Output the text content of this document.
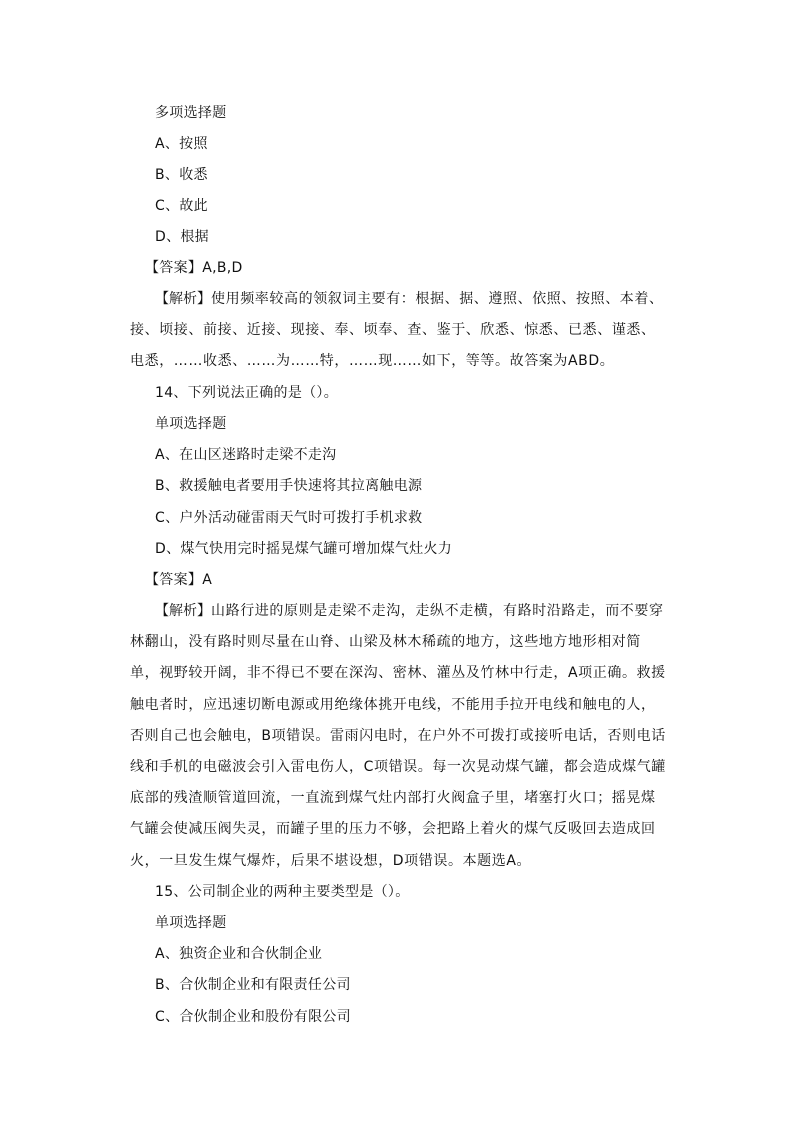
多项选择题
A、按照
B、收悉
C、故此
D、根据
【答案】A,B,D
【解析】使用频率较高的领叙词主要有：根据、据、遵照、依照、按照、本着、接、顷接、前接、近接、现接、奉、顷奉、查、鉴于、欣悉、惊悉、已悉、谨悉、电悉，……收悉、……为……特，……现……如下，等等。故答案为ABD。
14、下列说法正确的是（）。
单项选择题
A、在山区迷路时走梁不走沟
B、救援触电者要用手快速将其拉离触电源
C、户外活动碰雷雨天气时可拨打手机求救
D、煤气快用完时摇晃煤气罐可增加煤气灶火力
【答案】A
【解析】山路行进的原则是走梁不走沟，走纵不走横，有路时沿路走，而不要穿林翻山，没有路时则尽量在山脊、山梁及林木稀疏的地方，这些地方地形相对简单，视野较开阔，非不得已不要在深沟、密林、灌丛及竹林中行走，A项正确。救援触电者时，应迅速切断电源或用绝缘体挑开电线，不能用手拉开电线和触电的人，否则自己也会触电，B项错误。雷雨闪电时，在户外不可拨打或接听电话，否则电话线和手机的电磁波会引入雷电伤人，C项错误。每一次晃动煤气罐，都会造成煤气罐底部的残渣顺管道回流，一直流到煤气灶内部打火阀盒子里，堵塞打火口；摇晃煤气罐会使减压阀失灵，而罐子里的压力不够，会把路上着火的煤气反吸回去造成回火，一旦发生煤气爆炸，后果不堪设想，D项错误。本题选A。
15、公司制企业的两种主要类型是（）。
单项选择题
A、独资企业和合伙制企业
B、合伙制企业和有限责任公司
C、合伙制企业和股份有限公司
